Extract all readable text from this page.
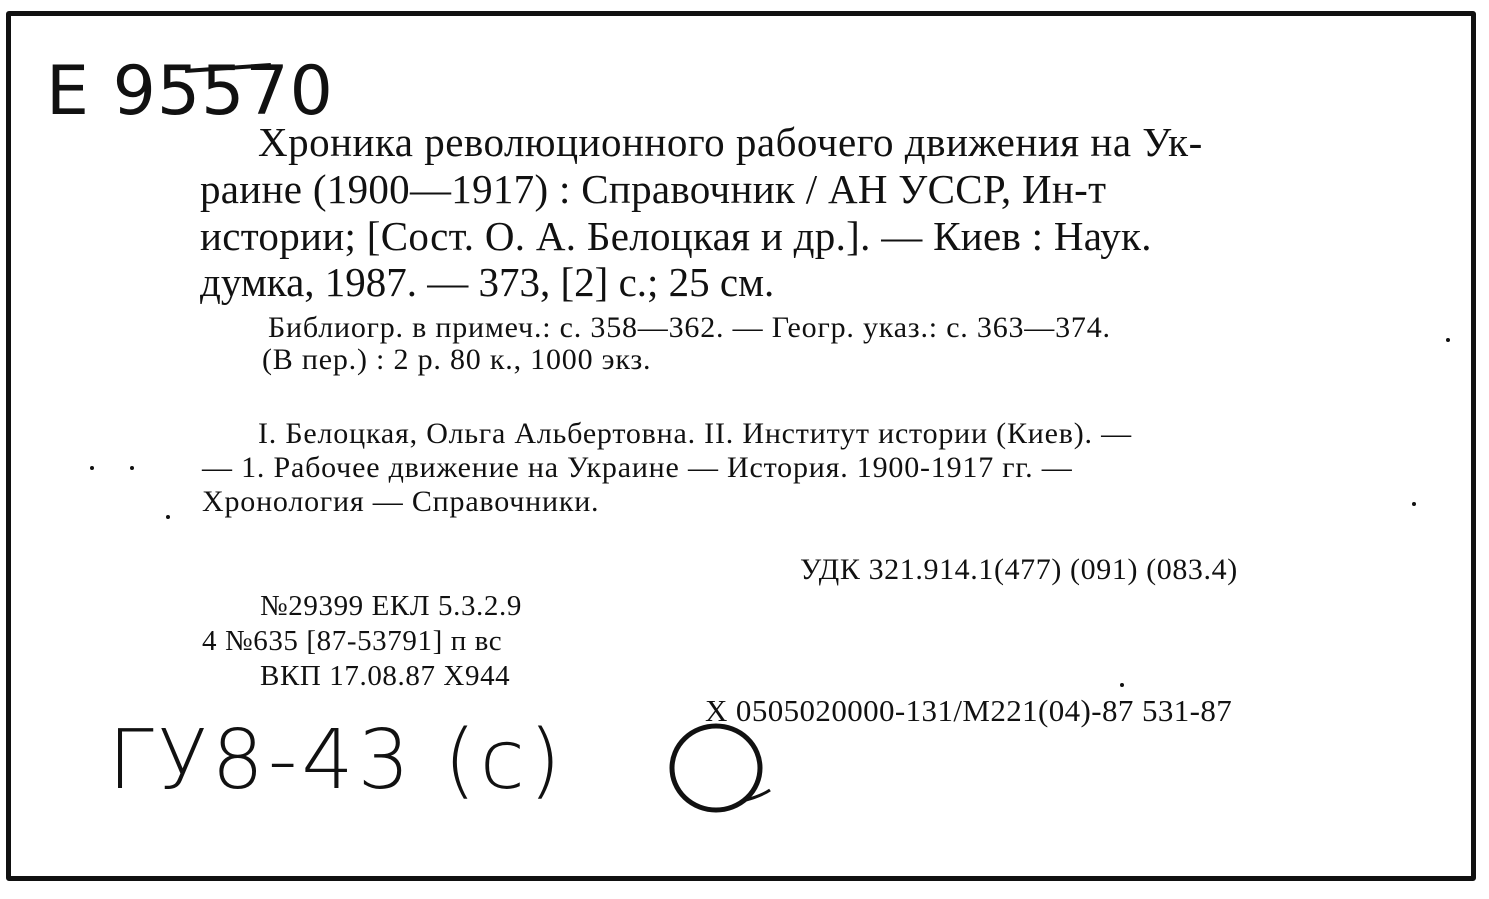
Е 95570
Хроника революционного рабочего движения на Ук-
раине (1900—1917) : Справочник / АН УССР, Ин-т
истории; [Сост. О. А. Белоцкая и др.]. — Киев : Наук.
думка, 1987. — 373, [2] с.; 25 см.
Библиогр. в примеч.: с. 358—362. — Геогр. указ.: с. 363—374.
(В пер.) : 2 р. 80 к., 1000 экз.
I. Белоцкая, Ольга Альбертовна. II. Институт истории (Киев). —
— 1. Рабочее движение на Украине — История. 1900-1917 гг. —
Хронология — Справочники.
УДК 321.914.1(477) (091) (083.4)
№29399 ЕКЛ 5.3.2.9
4 №635 [87-53791] п вс
ВКП 17.08.87 Х944
Х 0505020000-131/М221(04)-87 531-87
ГУ8-43 (с)
